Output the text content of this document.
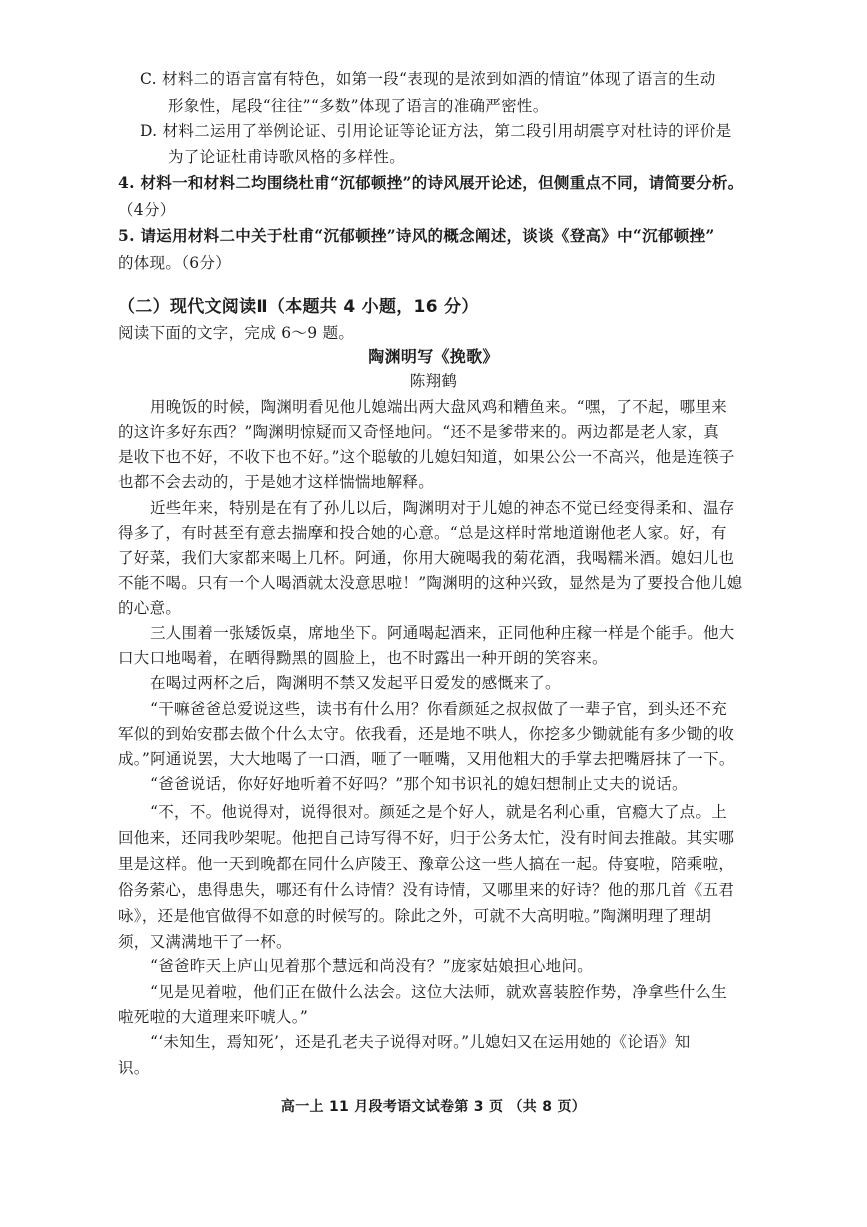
C. 材料二的语言富有特色，如第一段“表现的是浓到如酒的情谊”体现了语言的生动
形象性，尾段“往往”“多数”体现了语言的准确严密性。
D. 材料二运用了举例论证、引用论证等论证方法，第二段引用胡震亨对杜诗的评价是
为了论证杜甫诗歌风格的多样性。
4. 材料一和材料二均围绕杜甫“沉郁顿挫”的诗风展开论述，但侧重点不同，请简要分析。
（4分）
5. 请运用材料二中关于杜甫“沉郁顿挫”诗风的概念阐述，谈谈《登高》中“沉郁顿挫”
的体现。（6分）
（二）现代文阅读Ⅱ（本题共 4 小题，16 分）
阅读下面的文字，完成 6～9 题。
陶渊明写《挽歌》
陈翔鹤
用晚饭的时候，陶渊明看见他儿媳端出两大盘风鸡和糟鱼来。“嘿，了不起，哪里来
的这许多好东西？”陶渊明惊疑而又奇怪地问。“还不是爹带来的。两边都是老人家，真
是收下也不好，不收下也不好。”这个聪敏的儿媳妇知道，如果公公一不高兴，他是连筷子
也都不会去动的，于是她才这样惴惴地解释。
近些年来，特别是在有了孙儿以后，陶渊明对于儿媳的神态不觉已经变得柔和、温存
得多了，有时甚至有意去揣摩和投合她的心意。“总是这样时常地道谢他老人家。好，有
了好菜，我们大家都来喝上几杯。阿通，你用大碗喝我的菊花酒，我喝糯米酒。媳妇儿也
不能不喝。只有一个人喝酒就太没意思啦！”陶渊明的这种兴致，显然是为了要投合他儿媳
的心意。
三人围着一张矮饭桌，席地坐下。阿通喝起酒来，正同他种庄稼一样是个能手。他大
口大口地喝着，在晒得黝黑的圆脸上，也不时露出一种开朗的笑容来。
在喝过两杯之后，陶渊明不禁又发起平日爱发的感慨来了。
“干嘛爸爸总爱说这些，读书有什么用？你看颜延之叔叔做了一辈子官，到头还不充
军似的到始安郡去做个什么太守。依我看，还是地不哄人，你挖多少锄就能有多少锄的收
成。”阿通说罢，大大地喝了一口酒，咂了一咂嘴，又用他粗大的手掌去把嘴唇抹了一下。
“爸爸说话，你好好地听着不好吗？”那个知书识礼的媳妇想制止丈夫的说话。
“不，不。他说得对，说得很对。颜延之是个好人，就是名利心重，官瘾大了点。上
回他来，还同我吵架呢。他把自己诗写得不好，归于公务太忙，没有时间去推敲。其实哪
里是这样。他一天到晚都在同什么庐陵王、豫章公这一些人搞在一起。侍宴啦，陪乘啦，
俗务萦心，患得患失，哪还有什么诗情？没有诗情，又哪里来的好诗？他的那几首《五君
咏》，还是他官做得不如意的时候写的。除此之外，可就不大高明啦。”陶渊明理了理胡
须，又满满地干了一杯。
“爸爸昨天上庐山见着那个慧远和尚没有？”庞家姑娘担心地问。
“见是见着啦，他们正在做什么法会。这位大法师，就欢喜装腔作势，净拿些什么生
啦死啦的大道理来吓唬人。”
“‘未知生，焉知死’，还是孔老夫子说得对呀。”儿媳妇又在运用她的《论语》知
识。
高一上 11 月段考语文试卷第 3 页 （共 8 页）
